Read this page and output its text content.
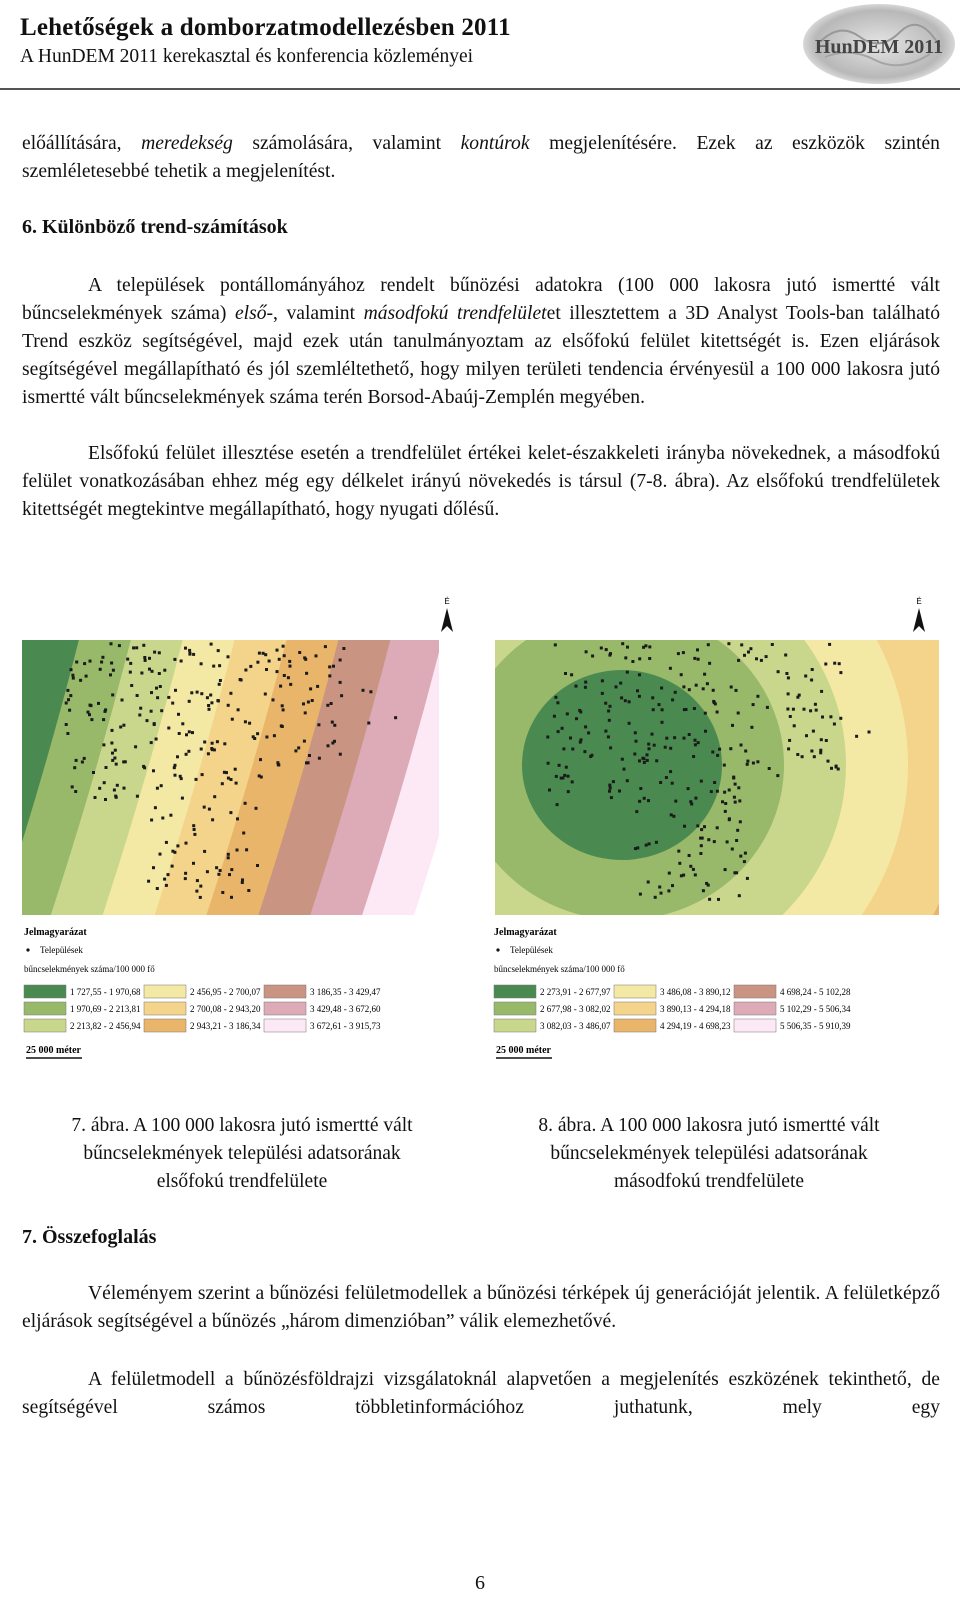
Lehetőségek a domborzatmodellezésben 2011
A HunDEM 2011 kerekasztal és konferencia közleményei	HunDEM 2011

előállítására, meredekség számolására, valamint kontúrok megjelenítésére. Ezek az eszközök szintén szemléletesebbé tehetik a megjelenítést.

6. Különböző trend-számítások

A települések pontállományához rendelt bűnözési adatokra (100 000 lakosra jutó ismertté vált bűncselekmények száma) első-, valamint másodfokú trendfelületet illesztettem a 3D Analyst Tools-ban található Trend eszköz segítségével, majd ezek után tanulmányoztam az elsőfokú felület kitettségét is. Ezen eljárások segítségével megállapítható és jól szemléltethető, hogy milyen területi tendencia érvényesül a 100 000 lakosra jutó ismertté vált bűncselekmények száma terén Borsod-Abaúj-Zemplén megyében.

Elsőfokú felület illesztése esetén a trendfelület értékei kelet-északkeleti irányba növekednek, a másodfokú felület vonatkozásában ehhez még egy délkelet irányú növekedés is társul (7-8. ábra). Az elsőfokú trendfelületek kitettségét megtekintve megállapítható, hogy nyugati dőlésű.

É
Jelmagyarázat
Települések
bűncselekmények száma/100 000 fő
1 727,55 - 1 970,68
1 970,69 - 2 213,81
2 213,82 - 2 456,94
2 456,95 - 2 700,07
2 700,08 - 2 943,20
2 943,21 - 3 186,34
3 186,35 - 3 429,47
3 429,48 - 3 672,60
3 672,61 - 3 915,73
25 000 méter
É
Jelmagyarázat
Települések
bűncselekmények száma/100 000 fő
2 273,91 - 2 677,97
2 677,98 - 3 082,02
3 082,03 - 3 486,07
3 486,08 - 3 890,12
3 890,13 - 4 294,18
4 294,19 - 4 698,23
4 698,24 - 5 102,28
5 102,29 - 5 506,34
5 506,35 - 5 910,39
25 000 méter
7. ábra. A 100 000 lakosra jutó ismertté vált
bűncselekmények települési adatsorának
elsőfokú trendfelülete
8. ábra. A 100 000 lakosra jutó ismertté vált
bűncselekmények települési adatsorának
másodfokú trendfelülete
7. Összefoglalás

Véleményem szerint a bűnözési felületmodellek a bűnözési térképek új generációját jelentik. A felületképző eljárások segítségével a bűnözés „három dimenzióban” válik elemezhetővé.

A felületmodell a bűnözésföldrajzi vizsgálatoknál alapvetően a megjelenítés eszközének tekinthető, de segítségével számos többletinformációhoz juthatunk, mely egy

6
